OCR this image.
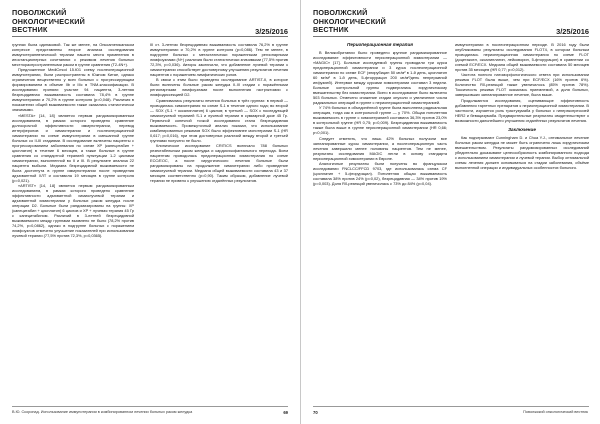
ПОВОЛЖСКИЙ
ОНКОЛОГИЧЕСКИЙ
ВЕСТНИК	3/25/2016

группах была одинаковой. Так же менее, на Онкоamerиканском конгрессе представлены второе анализа исследования иммунотерапевтической терапии нашего места применения в иностанционерных сочетаниях с режимом лечения больных местнораспространенными раком в группе сравнения (T2-4N+).

Предложенное MediCmod 15.Ю1 схему послеоперационной иммунотерапии, были распространены в Южном Китае, однако ограничения вещественно у всех больных с прогрессирующим формированием в объеме IIb и IIIc в TNM-классификации. В исследовании приняли участие 94 пациента, 3-летняя безрецидивная выживаемость составила 78,4% в группе иммунотерапии и 70,2% в группе контроля (p=0,048). Различия в показателях общей выживаемости также оказались статистически значимыми.

«MESTA» [14, 18] является первым рандомизированным исследованием, в рамках которого проведено сравнение долгосрочной эффективности иммунотерапии, перевод интерферонов и химиотерапии и послеоперационной химиотерапии по схеме иммунотерапии в смешанной группе больных со II-III стадиями. В исследование включены пациенты с прогрессированием заболевания по схеме XP (капецитабин + цисплатин) в течение 6 месяцев, а также больные в группе сравнения со стандартной терапией пунктуации 1-2 циклами химиотерапии, выполненной во II и III. В результате анализа 22 пациента выбыли. Медиана безрецидивной выживаемости не была достигнута в группе иммунотерапии после проведения адъювантной ХЛТ и составила 19 месяцев в группе контроля (p=0,021).

«ARTIST» [14, 18] является первым рандомизированным исследованием, в рамках которого проведено сравнение эффективности адъювантной химиолучевой терапии и адъювантной химиотерапии у больных раком желудка после операции D2. Больные были рандомизированы на группы: XP (капецитабин + цисплатин) 6 циклов и XP + лучевая терапия 45 Гр с капецитабином. Различий в 3-летней безрецидивной выживаемости между группами выявлено не было (78,2% против 74,2%, p=0,0862), однако в подгруппе больных с поражением лимфоузлов отмечено улучшение показателей при использовании лучевой терапии (77,5% против 72,3%, p=0,0365).

III ст. 3-летняя безрецидивная выживаемость составила 76,2% в группе иммунотерапии и 70,2% в группе контроля (p=0,086). Тем не менее, в подгруппе больных с метастатически пораженными регионарными лимфоузлами (N+) различия были статистически значимыми (77,5% против 72,3%, p=0,036). Авторы заключили, что добавление лучевой терапии к химиотерапии способствует достоверному улучшению результатов лечения пациентов с поражением лимфатических узлов.

В связи с этим было проведено исследование ARTIST-II, в которое были включены больные раком желудка II-III стадии с поражёнными регионарными лимфоузлами после выполнения гастрэктомии с лимфодиссекцией D2.

Сравнивались результаты лечения больных в трёх группах: в первой — проводилась химиотерапия по схеме S-1 в течение одного года; во второй — SOX (S-1 + оксалиплатин) 6 циклов; в третьей — SOX с последующей химиолучевой терапией S-1 и лучевой терапии в суммарной дозе 45 Гр. Первичной конечной точкой исследования стала безрецидивная выживаемость. Промежуточный анализ показал, что использование комбинированных режимов SOX было эффективнее монотерапии S-1 (HR 0,617; p=0,016), при этом достоверных различий между второй и третьей группами получено не было.

Клиническое исследование CRITICS включало 788 больных резектабельным раком желудка и кардиоэзофагеального перехода. Всем пациентам проводилась предоперационная химиотерапия по схеме ECC/EOC, а после хирургического лечения больные были рандомизированы на продолжение химиотерапии либо проведение химиолучевой терапии. Медиана общей выживаемости составила 43 и 37 месяцев соответственно (p=0,90). Таким образом, добавление лучевой терапии не привело к улучшению отдалённых результатов.

В.Ю. Скоропад. Использование иммунотерапии в комбинированном лечении больных раком желудка	69
ПОВОЛЖСКИЙ
ОНКОЛОГИЧЕСКИЙ
ВЕСТНИК	3/25/2016
Периоперационная терапия

В Великобритании было проведено крупное рандомизированное исследование эффективности периоперационной химиотерапии — «MAGIC» [17]. Больные исследуемой группы проводили три курса предоперационной химиотерапии и 3 курса послеоперационной химиотерапии по схеме ECF (эпирубицин 50 мг/м² в 1-й день, цисплатин 60 мг/м² в 1-й день, 5-фторурацил 200 мг/м²/день непрерывной инфузией). Интервал между курсами химиотерапии составил 3 недели. Больные контрольной группы подвергались хирургическому вмешательству без химиотерапии. Всего в исследование было включено 503 больных. Отмечено снижение стадии опухоли и увеличение числа радикальных операций в группе с периоперационной химиотерапией.

У 74% больных в объединённой группе была выполнена радикальная операция, тогда как в контрольной группе — у 70%. Общая пятилетняя выживаемость в группе с химиотерапией составила 36,3% против 23,0% в контрольной группе (HR 0,75; p=0,009). Безрецидивная выживаемость также была выше в группе периоперационной химиотерапии (HR 0,66; p<0,001).

Следует отметить, что лишь 42% больных получили все запланированные курсы химиотерапии, а послеоперационную часть лечения завершили менее половины пациентов. Тем не менее, результаты исследования MAGIC легли в основу стандарта периоперационной химиотерапии в Европе.

Аналогичные результаты были получены во французском исследовании FNCLCC/FFCD 9703, где использовалась схема CF (цисплатин + 5-фторурацил). Пятилетняя общая выживаемость составила 38% против 24% (p=0,02), безрецидивная — 34% против 19% (p=0,003). Доля R0-резекций увеличилась с 73% до 84% (p=0,04).

иммунотерапии в послеоперационном периоде. В 2016 году были опубликованы результаты исследования FLOT4, в котором больным проводилась периоперационная химиотерапия по схеме FLOT (доцетаксел, оксалиплатин, лейковорин, 5-фторурацил) в сравнении со схемой ECF/ECX. Медиана общей выживаемости составила 50 месяцев против 35 месяцев (HR 0,77; p=0,012).

Частота полного патоморфологического ответа при использовании режима FLOT была выше, чем при ECF/ECX (16% против 6%). Количество R0-резекций также увеличилось (85% против 78%). Токсичность режима FLOT оказалась приемлемой, а доля больных, завершивших запланированное лечение, была выше.

Продолжаются исследования, оценивающие эффективность добавления таргетных препаратов к периоперационной химиотерапии. В частности, изучается роль трастузумаба у больных с гиперэкспрессией HER2 и бевацизумаба. Предварительные результаты свидетельствуют о возможности дальнейшего улучшения отдалённых результатов лечения.

Заключение

Как подчеркивают Cunningham D. и Chua Y.J., оптимальное лечение больных раком желудка не может быть ограничено лишь хирургическим вмешательством. Результаты рандомизированных исследований убедительно доказывают целесообразность комбинированного подхода с использованием химиотерапии и лучевой терапии. Выбор оптимальной схемы лечения должен основываться на стадии заболевания, объёме выполненной операции и индивидуальных особенностях больного.

70	Поволжский онкологический вестник
